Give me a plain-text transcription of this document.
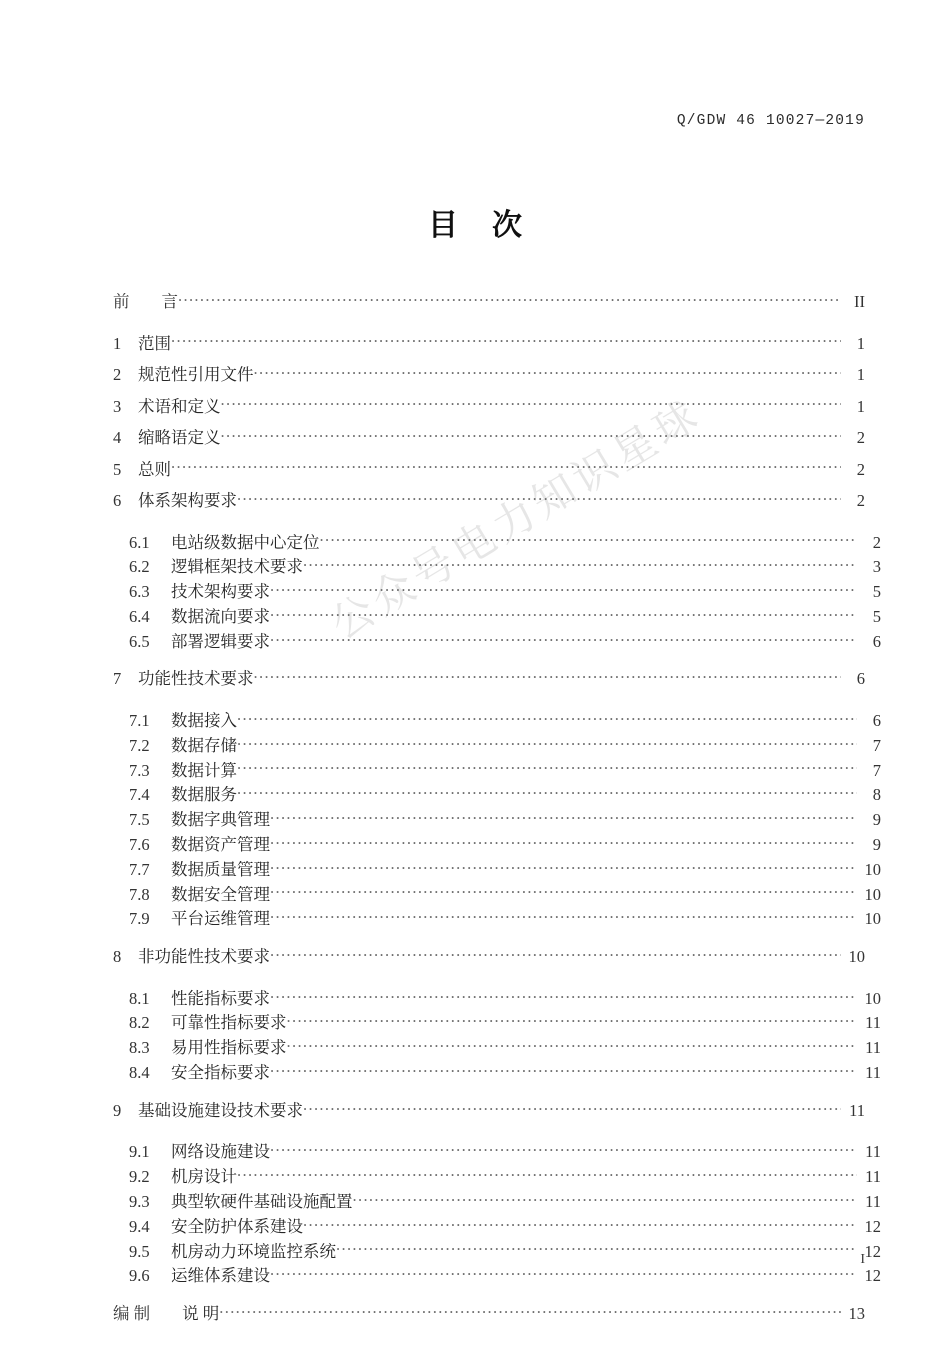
公众号电力知识星球
Q/GDW 46 10027—2019
目 次
前 言 .....	II
1	范围 .....	1
2	规范性引用文件 .....	1
3	术语和定义 .....	1
4	缩略语定义 .....	2
5	总则 .....	2
6	体系架构要求 .....	2
6.1	电站级数据中心定位 .....	2
6.2	逻辑框架技术要求 .....	3
6.3	技术架构要求 .....	5
6.4	数据流向要求 .....	5
6.5	部署逻辑要求 .....	6
7	功能性技术要求 .....	6
7.1	数据接入 .....	6
7.2	数据存储 .....	7
7.3	数据计算 .....	7
7.4	数据服务 .....	8
7.5	数据字典管理 .....	9
7.6	数据资产管理 .....	9
7.7	数据质量管理 .....	10
7.8	数据安全管理 .....	10
7.9	平台运维管理 .....	10
8	非功能性技术要求 .....	10
8.1	性能指标要求 .....	10
8.2	可靠性指标要求 .....	11
8.3	易用性指标要求 .....	11
8.4	安全指标要求 .....	11
9	基础设施建设技术要求 .....	11
9.1	网络设施建设 .....	11
9.2	机房设计 .....	11
9.3	典型软硬件基础设施配置 .....	11
9.4	安全防护体系建设 .....	12
9.5	机房动力环境监控系统 .....	12
9.6	运维体系建设 .....	12
编 制 说 明 .....	13
I
